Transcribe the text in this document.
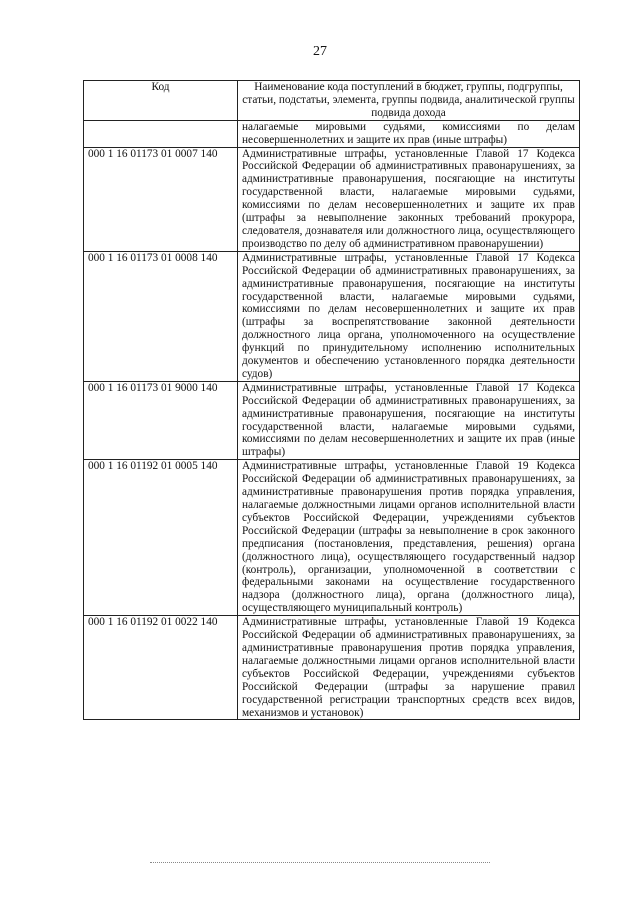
27
Код	Наименование кода поступлений в бюджет, группы, подгруппы, статьи, подстатьи, элемента, группы подвида, аналитической группы подвида дохода
	налагаемые мировыми судьями, комиссиями по делам несовершеннолетних и защите их прав (иные штрафы)
000 1 16 01173 01 0007 140	Административные штрафы, установленные Главой 17 Кодекса Российской Федерации об административных правонарушениях, за административные правонарушения, посягающие на институты государственной власти, налагаемые мировыми судьями, комиссиями по делам несовершеннолетних и защите их прав (штрафы за невыполнение законных требований прокурора, следователя, дознавателя или должностного лица, осуществляющего производство по делу об административном правонарушении)
000 1 16 01173 01 0008 140	Административные штрафы, установленные Главой 17 Кодекса Российской Федерации об административных правонарушениях, за административные правонарушения, посягающие на институты государственной власти, налагаемые мировыми судьями, комиссиями по делам несовершеннолетних и защите их прав (штрафы за воспрепятствование законной деятельности должностного лица органа, уполномоченного на осуществление функций по принудительному исполнению исполнительных документов и обеспечению установленного порядка деятельности судов)
000 1 16 01173 01 9000 140	Административные штрафы, установленные Главой 17 Кодекса Российской Федерации об административных правонарушениях, за административные правонарушения, посягающие на институты государственной власти, налагаемые мировыми судьями, комиссиями по делам несовершеннолетних и защите их прав (иные штрафы)
000 1 16 01192 01 0005 140	Административные штрафы, установленные Главой 19 Кодекса Российской Федерации об административных правонарушениях, за административные правонарушения против порядка управления, налагаемые должностными лицами органов исполнительной власти субъектов Российской Федерации, учреждениями субъектов Российской Федерации (штрафы за невыполнение в срок законного предписания (постановления, представления, решения) органа (должностного лица), осуществляющего государственный надзор (контроль), организации, уполномоченной в соответствии с федеральными законами на осуществление государственного надзора (должностного лица), органа (должностного лица), осуществляющего муниципальный контроль)
000 1 16 01192 01 0022 140	Административные штрафы, установленные Главой 19 Кодекса Российской Федерации об административных правонарушениях, за административные правонарушения против порядка управления, налагаемые должностными лицами органов исполнительной власти субъектов Российской Федерации, учреждениями субъектов Российской Федерации (штрафы за нарушение правил государственной регистрации транспортных средств всех видов, механизмов и установок)
